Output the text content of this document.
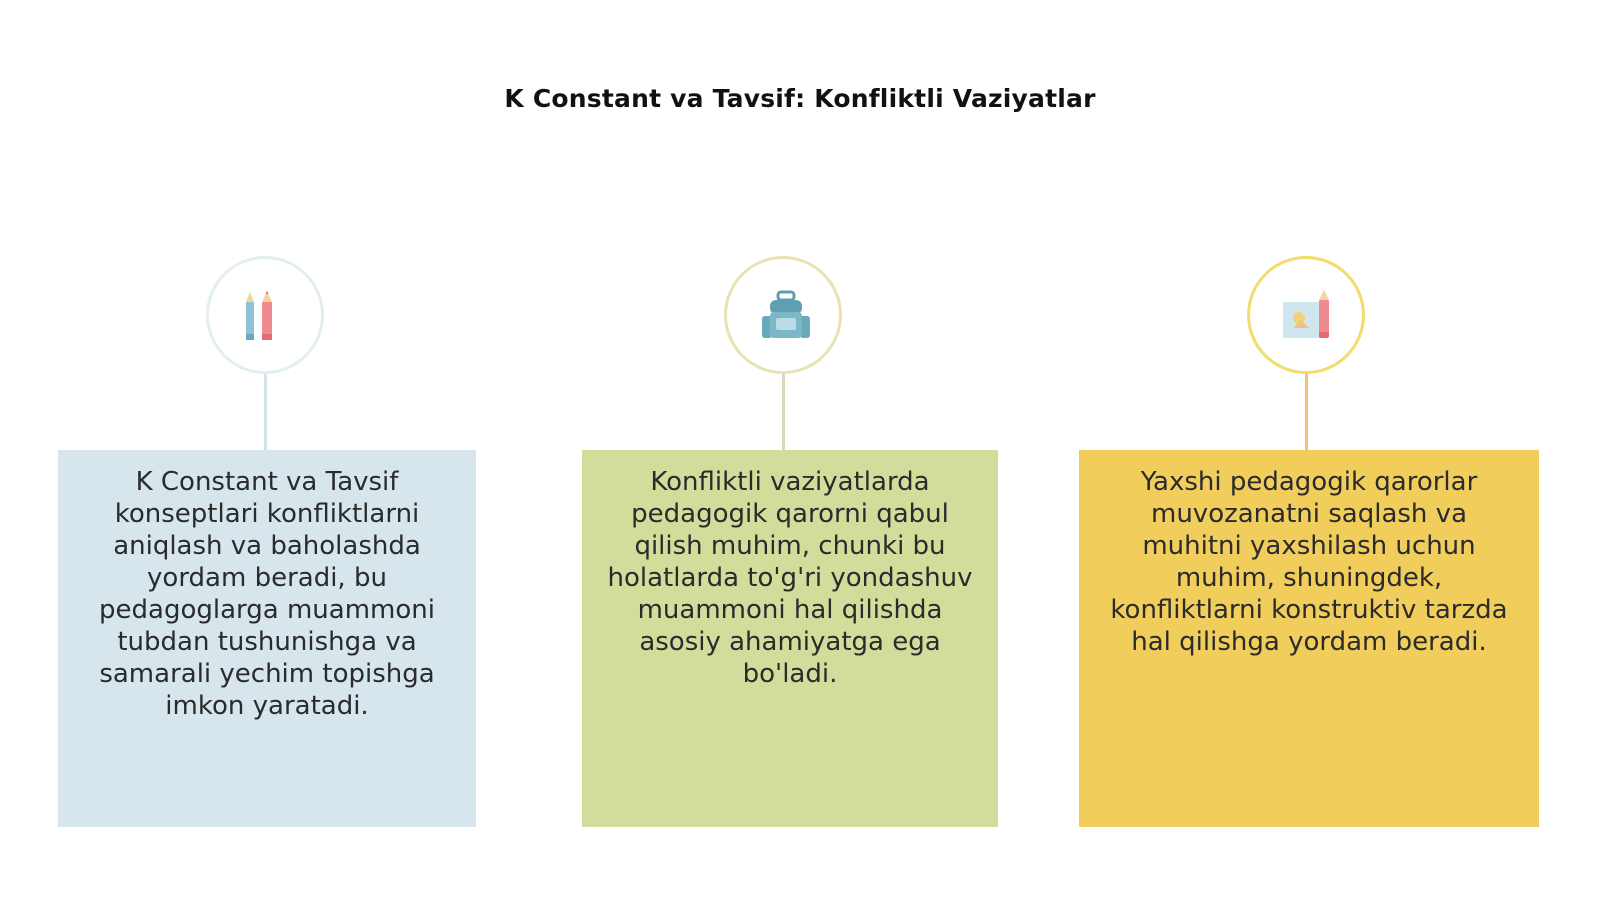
K Constant va Tavsif: Konfliktli Vaziyatlar
K Constant va Tavsif konseptlari konfliktlarni aniqlash va baholashda yordam beradi, bu pedagoglarga muammoni tubdan tushunishga va samarali yechim topishga imkon yaratadi.
Konfliktli vaziyatlarda pedagogik qarorni qabul qilish muhim, chunki bu holatlarda to'g'ri yondashuv muammoni hal qilishda asosiy ahamiyatga ega bo'ladi.
Yaxshi pedagogik qarorlar muvozanatni saqlash va muhitni yaxshilash uchun muhim, shuningdek, konfliktlarni konstruktiv tarzda hal qilishga yordam beradi.
